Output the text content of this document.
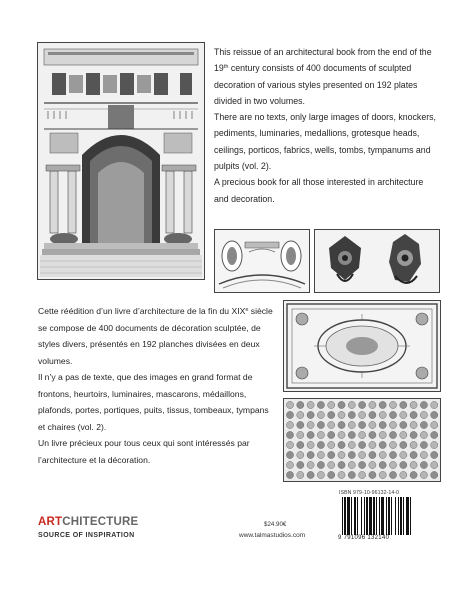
This reissue of an architectural book from the end of the 19th century consists of 400 documents of sculpted decoration of various styles presented on 192 plates divided in two volumes.

There are no texts, only large images of doors, knockers, pediments, luminaries, medallions, grotesque heads, ceilings, porticos, fabrics, wells, tombs, tympanums and pulpits (vol. 2).

A precious book for all those interested in architecture and decoration.

Cette réédition d’un livre d’architecture de la fin du XIXe siècle se compose de 400 documents de décoration sculptée, de styles divers, présentés en 192 planches divisées en deux volumes.

Il n’y a pas de texte, que des images en grand format de frontons, heurtoirs, luminaires, mascarons, médaillons, plafonds, portes, portiques, puits, tissus, tombeaux, tympans et chaires (vol. 2).

Un livre précieux pour tous ceux qui sont intéressés par l’architecture et la décoration.

ARTCHITECTURE
SOURCE OF INSPIRATION
$24.90€
www.talmastudios.com
ISBN 979-10-96132-14-0
9 791096 132140
